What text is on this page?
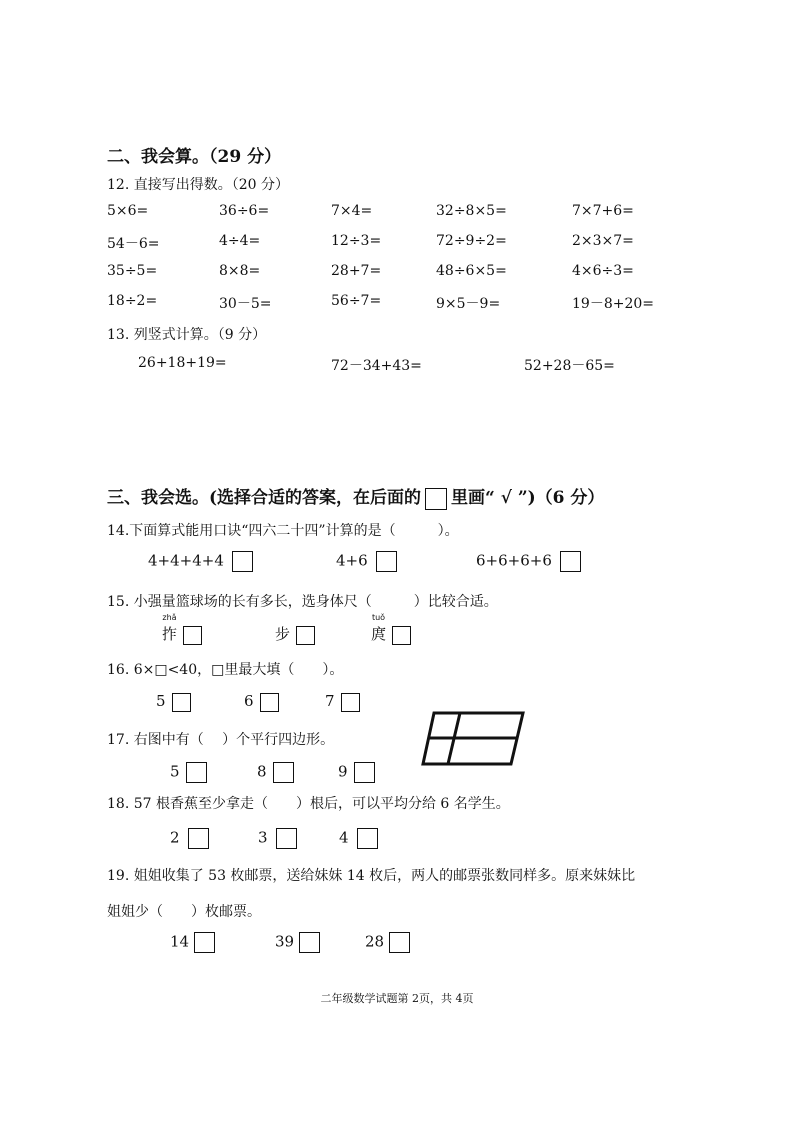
二、我会算。（29 分）
12. 直接写出得数。（20 分）
5×6=	36÷6=	7×4=	32÷8×5=	7×7+6=
54－6=	4÷4=	12÷3=	72÷9÷2=	2×3×7=
35÷5=	8×8=	28+7=	48÷6×5=	4×6÷3=
18÷2=	30－5=	56÷7=	9×5－9=	19－8+20=
13. 列竖式计算。（9 分）
26+18+19=	72－34+43=	52+28－65=
三、我会选。(选择合适的答案，在后面的 里画“ √ ”)（6 分）
14.下面算式能用口诀“四六二十四”计算的是（　　　）。
4+4+4+4	4+6	6+6+6+6
15. 小强量篮球场的长有多长，选身体尺（　　　）比较合适。
zhǎ
拃	步
tuǒ
庹
16. 6×□<40，□里最大填（　　）。
5	6	7
17. 右图中有（　 ）个平行四边形。
5	8	9
18. 57 根香蕉至少拿走（　　）根后，可以平均分给 6 名学生。
2	3	4
19. 姐姐收集了 53 枚邮票，送给妹妹 14 枚后，两人的邮票张数同样多。原来妹妹比
姐姐少（　　）枚邮票。
14	39	28
二年级数学试题第 2页，共 4页
